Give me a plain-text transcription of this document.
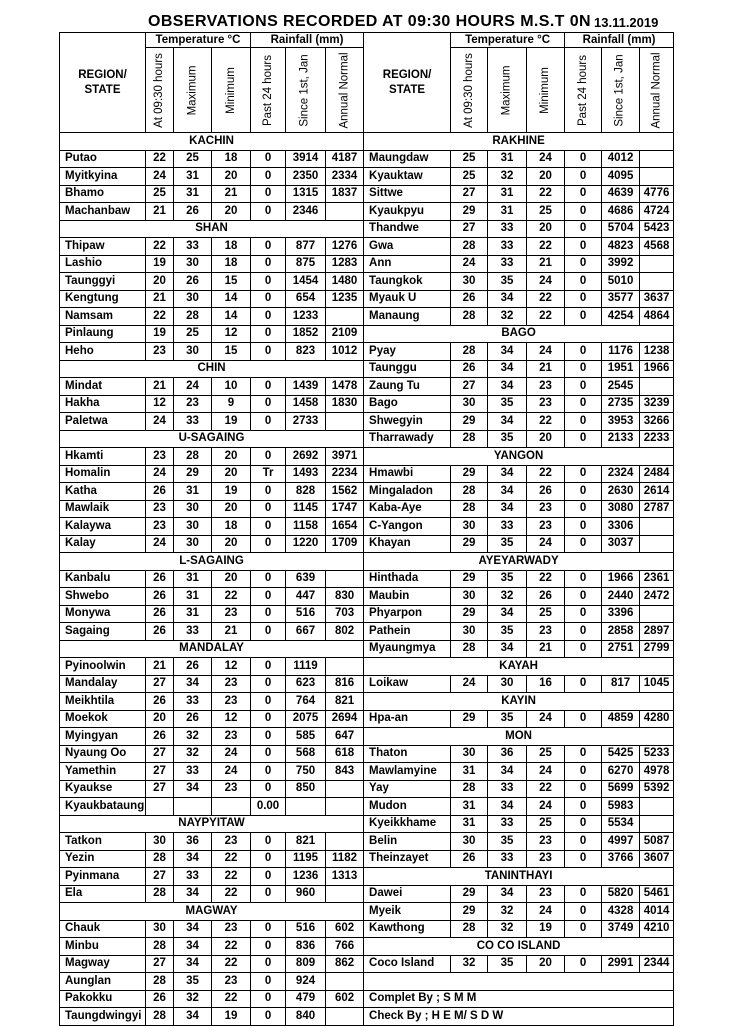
OBSERVATIONS RECORDED AT 09:30 HOURS M.S.T 0N 13.11.2019
REGION/ STATE	Temperature °C			Rainfall (mm)			REGION/ STATE	Temperature °C			Rainfall (mm)		

	At 09:30 hours	Maximum	Minimum	Past 24 hours	Since 1st, Jan	Annual Normal		At 09:30 hours	Maximum	Minimum	Past 24 hours	Since 1st, Jan	Annual Normal

KACHIN							RAKHINE						
Putao	22	25	18	0	3914	4187	Maungdaw	25	31	24	0	4012	
Myitkyina	24	31	20	0	2350	2334	Kyauktaw	25	32	20	0	4095	
Bhamo	25	31	21	0	1315	1837	Sittwe	27	31	22	0	4639	4776
Machanbaw	21	26	20	0	2346		Kyaukpyu	29	31	25	0	4686	4724
SHAN							Thandwe	27	33	20	0	5704	5423
Thipaw	22	33	18	0	877	1276	Gwa	28	33	22	0	4823	4568
Lashio	19	30	18	0	875	1283	Ann	24	33	21	0	3992	
Taunggyi	20	26	15	0	1454	1480	Taungkok	30	35	24	0	5010	
Kengtung	21	30	14	0	654	1235	Myauk U	26	34	22	0	3577	3637
Namsam	22	28	14	0	1233		Manaung	28	32	22	0	4254	4864
Pinlaung	19	25	12	0	1852	2109	BAGO						
Heho	23	30	15	0	823	1012	Pyay	28	34	24	0	1176	1238
CHIN							Taunggu	26	34	21	0	1951	1966
Mindat	21	24	10	0	1439	1478	Zaung Tu	27	34	23	0	2545	
Hakha	12	23	9	0	1458	1830	Bago	30	35	23	0	2735	3239
Paletwa	24	33	19	0	2733		Shwegyin	29	34	22	0	3953	3266
U-SAGAING							Tharrawady	28	35	20	0	2133	2233
Hkamti	23	28	20	0	2692	3971	YANGON						
Homalin	24	29	20	Tr	1493	2234	Hmawbi	29	34	22	0	2324	2484
Katha	26	31	19	0	828	1562	Mingaladon	28	34	26	0	2630	2614
Mawlaik	23	30	20	0	1145	1747	Kaba-Aye	28	34	23	0	3080	2787
Kalaywa	23	30	18	0	1158	1654	C-Yangon	30	33	23	0	3306	
Kalay	24	30	20	0	1220	1709	Khayan	29	35	24	0	3037	
L-SAGAING							AYEYARWADY						
Kanbalu	26	31	20	0	639		Hinthada	29	35	22	0	1966	2361
Shwebo	26	31	22	0	447	830	Maubin	30	32	26	0	2440	2472
Monywa	26	31	23	0	516	703	Phyarpon	29	34	25	0	3396	
Sagaing	26	33	21	0	667	802	Pathein	30	35	23	0	2858	2897
MANDALAY							Myaungmya	28	34	21	0	2751	2799
Pyinoolwin	21	26	12	0	1119		KAYAH						
Mandalay	27	34	23	0	623	816	Loikaw	24	30	16	0	817	1045
Meikhtila	26	33	23	0	764	821	KAYIN						
Moekok	20	26	12	0	2075	2694	Hpa-an	29	35	24	0	4859	4280
Myingyan	26	32	23	0	585	647	MON						
Nyaung Oo	27	32	24	0	568	618	Thaton	30	36	25	0	5425	5233
Yamethin	27	33	24	0	750	843	Mawlamyine	31	34	24	0	6270	4978
Kyaukse	27	34	23	0	850		Yay	28	33	22	0	5699	5392
Kyaukbataung				0.00			Mudon	31	34	24	0	5983	
NAYPYITAW							Kyeikkhame	31	33	25	0	5534	
Tatkon	30	36	23	0	821		Belin	30	35	23	0	4997	5087
Yezin	28	34	22	0	1195	1182	Theinzayet	26	33	23	0	3766	3607
Pyinmana	27	33	22	0	1236	1313	TANINTHAYI						
Ela	28	34	22	0	960		Dawei	29	34	23	0	5820	5461
MAGWAY							Myeik	29	32	24	0	4328	4014
Chauk	30	34	23	0	516	602	Kawthong	28	32	19	0	3749	4210
Minbu	28	34	22	0	836	766	CO CO ISLAND						
Magway	27	34	22	0	809	862	Coco Island	32	35	20	0	2991	2344
Aunglan	28	35	23	0	924								
Pakokku	26	32	22	0	479	602	Complet By ; S M M						
Taungdwingyi	28	34	19	0	840		Check By ; H E M/ S D W						
